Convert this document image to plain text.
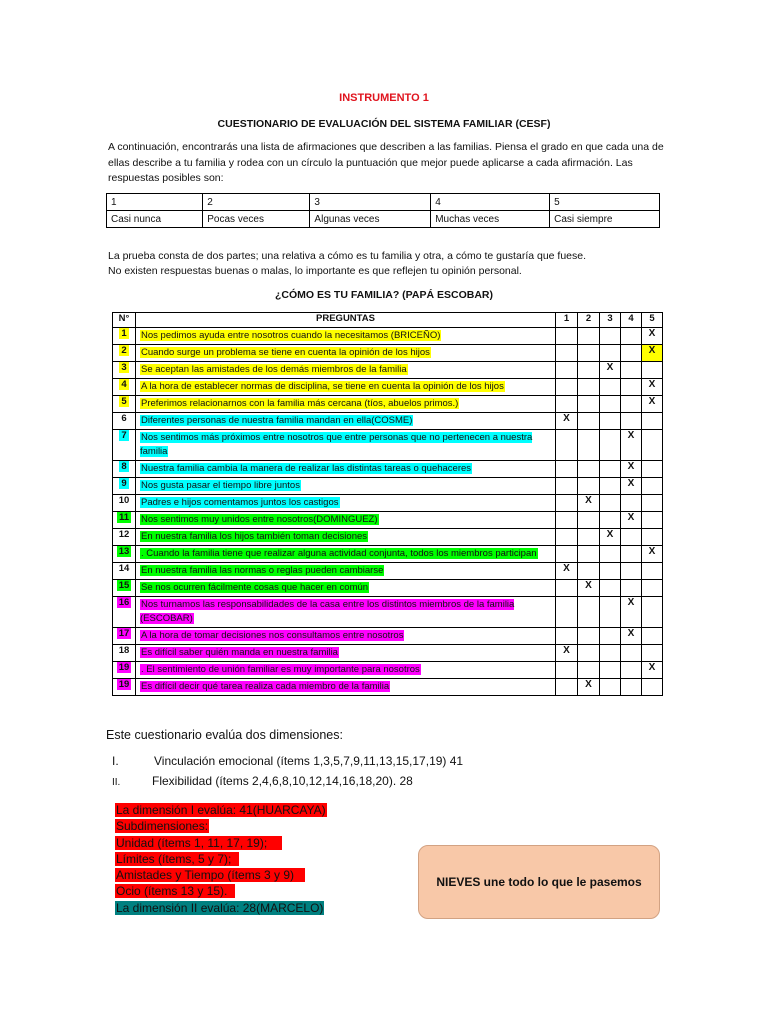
INSTRUMENTO 1
CUESTIONARIO DE EVALUACIÓN DEL SISTEMA FAMILIAR (CESF)
A continuación, encontrarás una lista de afirmaciones que describen a las familias. Piensa el grado en que cada una de
ellas describe a tu familia y rodea con un círculo la puntuación que mejor puede aplicarse a cada afirmación. Las
respuestas posibles son:
1	2	3	4	5
Casi nunca	Pocas veces	Algunas veces	Muchas veces	Casi siempre
La prueba consta de dos partes; una relativa a cómo es tu familia y otra, a cómo te gustaría que fuese.
No existen respuestas buenas o malas, lo importante es que reflejen tu opinión personal.
¿CÓMO ES TU FAMILIA? (PAPÁ ESCOBAR)
N°	PREGUNTAS	1	2	3	4	5
1	Nos pedimos ayuda entre nosotros cuando la necesitamos (BRICEÑO)					X
2	Cuando surge un problema se tiene en cuenta la opinión de los hijos					X
3	Se aceptan las amistades de los demás miembros de la familia			X		
4	A la hora de establecer normas de disciplina, se tiene en cuenta la opinión de los hijos					X
5	Preferimos relacionarnos con la familia más cercana (tíos, abuelos primos.)					X
6	Diferentes personas de nuestra familia mandan en ella(COSME)	X				
7	Nos sentimos más próximos entre nosotros que entre personas que no pertenecen a nuestra familia				X	
8	Nuestra familia cambia la manera de realizar las distintas tareas o quehaceres				X	
9	Nos gusta pasar el tiempo libre juntos				X	
10	Padres e hijos comentamos juntos los castigos		X			
11	Nos sentimos muy unidos entre nosotros(DOMINGUEZ)				X	
12	En nuestra familia los hijos también toman decisiones			X		
13	. Cuando la familia tiene que realizar alguna actividad conjunta, todos los miembros participan					X
14	En nuestra familia las normas o reglas pueden cambiarse	X				
15	Se nos ocurren fácilmente cosas que hacer en común		X			
16	Nos turnamos las responsabilidades de la casa entre los distintos miembros de la familia (ESCOBAR)				X	
17	A la hora de tomar decisiones nos consultamos entre nosotros				X	
18	Es difícil saber quién manda en nuestra familia	X				
19	. El sentimiento de unión familiar es muy importante para nosotros					X
19	Es difícil decir qué tarea realiza cada miembro de la familia		X			
Este cuestionario evalúa dos dimensiones:
I.	Vinculación emocional (ítems 1,3,5,7,9,11,13,15,17,19) 41
II.	Flexibilidad (ítems 2,4,6,8,10,12,14,16,18,20). 28
La dimensión I evalúa: 41(HUARCAYA)
Subdimensiones:
Unidad (ítems 1, 11, 17, 19);
Límites (ítems, 5 y 7);
Amistades y Tiempo (ítems 3 y 9)
Ocio (ítems 13 y 15).
La dimensión II evalúa: 28(MARCELO)
NIEVES une todo lo que le pasemos
